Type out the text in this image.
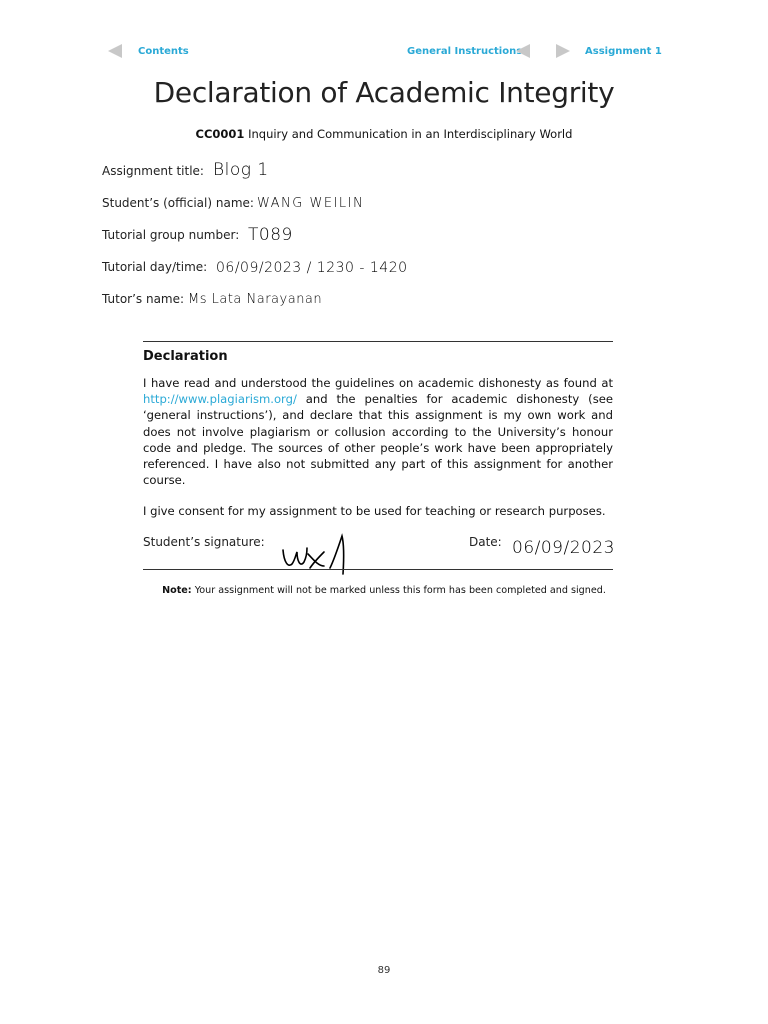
Contents	General Instructions	Assignment 1
Declaration of Academic Integrity
CC0001 Inquiry and Communication in an Interdisciplinary World
Assignment title: Blog 1
Student’s (official) name: WANG WEILIN
Tutorial group number: T089
Tutorial day/time: 06/09/2023 / 1230 - 1420
Tutor’s name: Ms Lata Narayanan
Declaration
I have read and understood the guidelines on academic dishonesty as found at http://www.plagiarism.org/ and the penalties for academic dishonesty (see ‘general instructions’), and declare that this assignment is my own work and does not involve plagiarism or collusion according to the University’s honour code and pledge. The sources of other people’s work have been appropriately referenced. I have also not submitted any part of this assignment for another course.
I give consent for my assignment to be used for teaching or research purposes.
Student’s signature:	Date: 06/09/2023
Note: Your assignment will not be marked unless this form has been completed and signed.
89
